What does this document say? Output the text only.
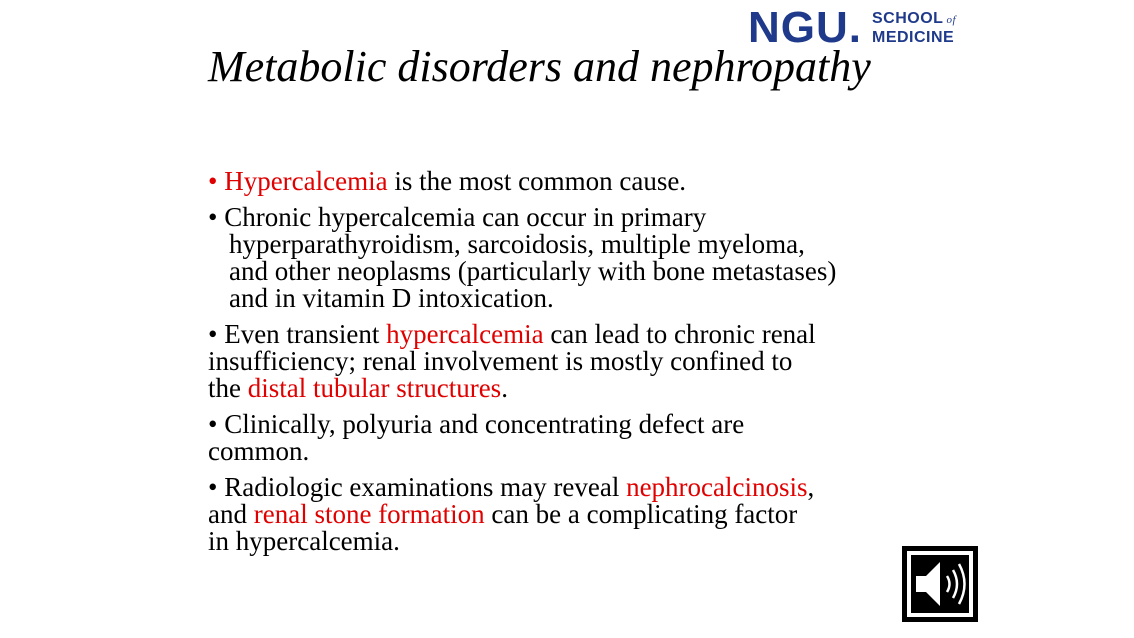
NGU. SCHOOL of
MEDICINE
Metabolic disorders and nephropathy
• Hypercalcemia is the most common cause.
• Chronic hypercalcemia can occur in primary
hyperparathyroidism, sarcoidosis, multiple myeloma,
and other neoplasms (particularly with bone metastases)
and in vitamin D intoxication.
• Even transient hypercalcemia can lead to chronic renal
insufficiency; renal involvement is mostly confined to
the distal tubular structures.
• Clinically, polyuria and concentrating defect are
common.
• Radiologic examinations may reveal nephrocalcinosis,
and renal stone formation can be a complicating factor
in hypercalcemia.
